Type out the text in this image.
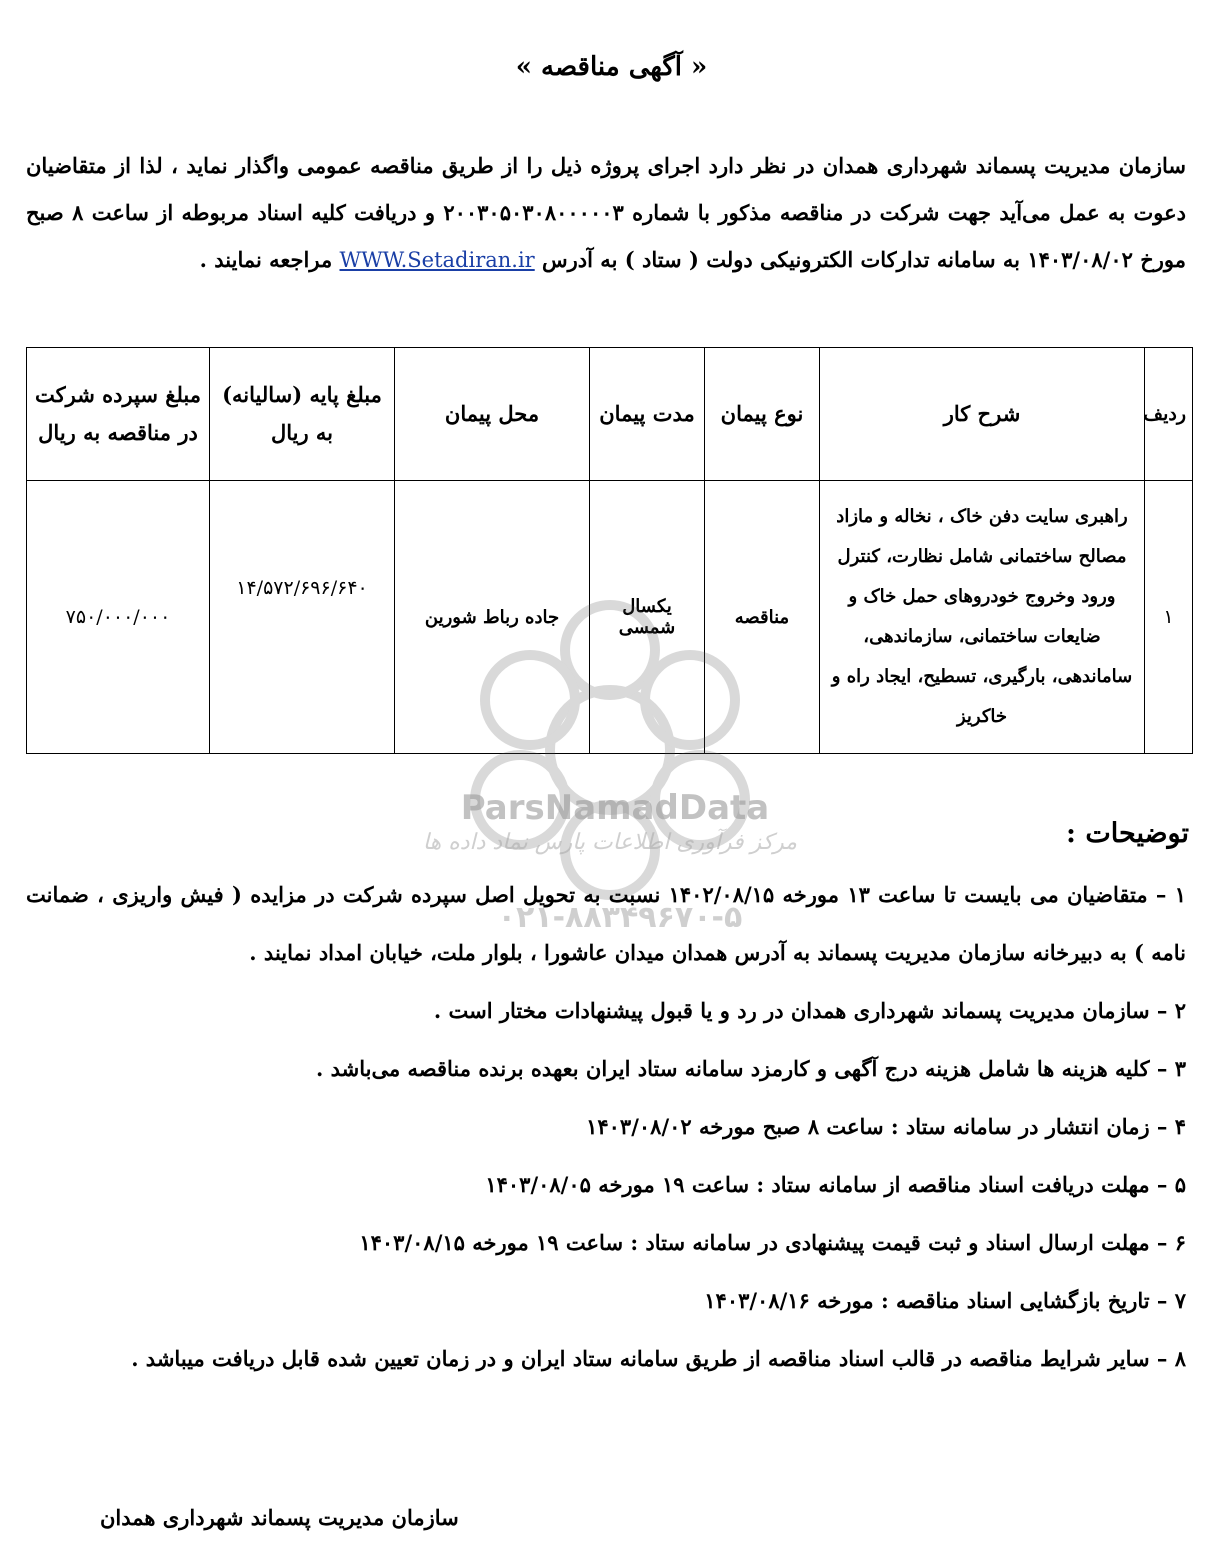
« آگهی مناقصه »
سازمان مدیریت پسماند شهرداری همدان در نظر دارد اجرای پروژه ذیل را از طریق مناقصه عمومی واگذار نماید ، لذا از متقاضیان دعوت به عمل می‌آید جهت شرکت در مناقصه مذکور با شماره ۲۰۰۳۰۵۰۳۰۸۰۰۰۰۰۳ و دریافت کلیه اسناد مربوطه از ساعت ۸ صبح مورخ ۱۴۰۳/۰۸/۰۲ به سامانه تدارکات الکترونیکی دولت ( ستاد ) به آدرس WWW.Setadiran.ir مراجعه نمایند .
ردیف	شرح کار	نوع پیمان	مدت پیمان	محل پیمان	مبلغ پایه (سالیانه) به ریال	مبلغ سپرده شرکت در مناقصه به ریال
۱	راهبری سایت دفن خاک ، نخاله و مازاد مصالح ساختمانی شامل نظارت، کنترل ورود وخروج خودروهای حمل خاک و ضایعات ساختمانی، سازماندهی، ساماندهی، بارگیری، تسطیح، ایجاد راه و خاکریز	مناقصه	یکسال شمسی	جاده رباط شورین	۱۴/۵۷۲/۶۹۶/۶۴۰	۷۵۰/۰۰۰/۰۰۰
ParsNamadData
مرکز فرآوری اطلاعات پارس نماد داده ها
۰۲۱-۸۸۳۴۹۶۷۰-۵
توضیحات :

۱ – متقاضیان می بایست تا ساعت ۱۳ مورخه ۱۴۰۲/۰۸/۱۵ نسبت به تحویل اصل سپرده شرکت در مزایده ( فیش واریزی ، ضمانت نامه ) به دبیرخانه سازمان مدیریت پسماند به آدرس همدان میدان عاشورا ، بلوار ملت، خیابان امداد نمایند .

۲ – سازمان مدیریت پسماند شهرداری همدان در رد و یا قبول پیشنهادات مختار است .

۳ – کلیه هزینه ها شامل هزینه درج آگهی و کارمزد سامانه ستاد ایران بعهده برنده مناقصه می‌باشد .

۴ – زمان انتشار در سامانه ستاد : ساعت ۸ صبح مورخه ۱۴۰۳/۰۸/۰۲

۵ – مهلت دریافت اسناد مناقصه از سامانه ستاد : ساعت ۱۹ مورخه ۱۴۰۳/۰۸/۰۵

۶ – مهلت ارسال اسناد و ثبت قیمت پیشنهادی در سامانه ستاد : ساعت ۱۹ مورخه ۱۴۰۳/۰۸/۱۵

۷ – تاریخ بازگشایی اسناد مناقصه : مورخه ۱۴۰۳/۰۸/۱۶

۸ – سایر شرایط مناقصه در قالب اسناد مناقصه از طریق سامانه ستاد ایران و در زمان تعیین شده قابل دریافت میباشد .

سازمان مدیریت پسماند شهرداری همدان
